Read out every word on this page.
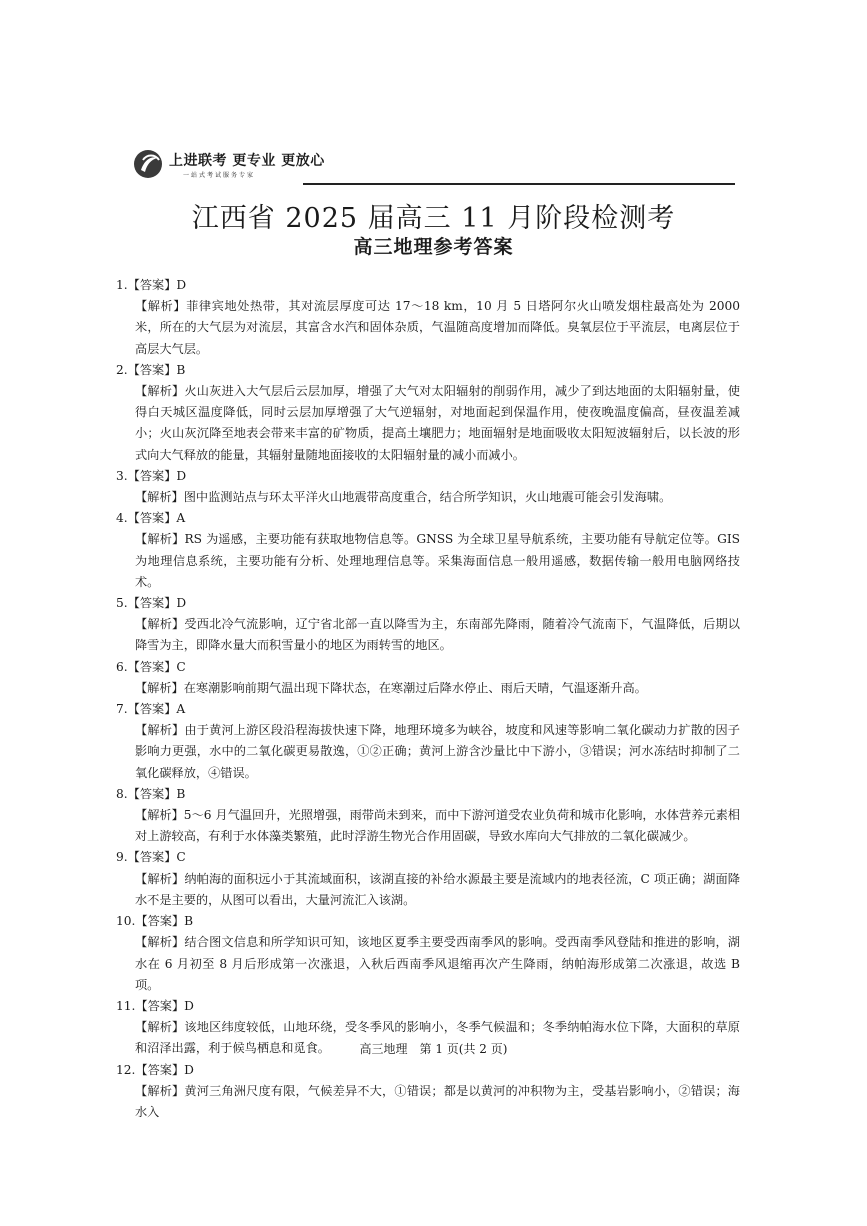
上进联考 更专业 更放心
一站式考试服务专家
江西省 2025 届高三 11 月阶段检测考
高三地理参考答案
1.【答案】D
【解析】菲律宾地处热带，其对流层厚度可达 17～18 km，10 月 5 日塔阿尔火山喷发烟柱最高处为 2000 米，所在的大气层为对流层，其富含水汽和固体杂质，气温随高度增加而降低。臭氧层位于平流层，电离层位于高层大气层。
2.【答案】B
【解析】火山灰进入大气层后云层加厚，增强了大气对太阳辐射的削弱作用，减少了到达地面的太阳辐射量，使得白天城区温度降低，同时云层加厚增强了大气逆辐射，对地面起到保温作用，使夜晚温度偏高，昼夜温差减小；火山灰沉降至地表会带来丰富的矿物质，提高土壤肥力；地面辐射是地面吸收太阳短波辐射后，以长波的形式向大气释放的能量，其辐射量随地面接收的太阳辐射量的减小而减小。
3.【答案】D
【解析】图中监测站点与环太平洋火山地震带高度重合，结合所学知识，火山地震可能会引发海啸。
4.【答案】A
【解析】RS 为遥感，主要功能有获取地物信息等。GNSS 为全球卫星导航系统，主要功能有导航定位等。GIS 为地理信息系统，主要功能有分析、处理地理信息等。采集海面信息一般用遥感，数据传输一般用电脑网络技术。
5.【答案】D
【解析】受西北冷气流影响，辽宁省北部一直以降雪为主，东南部先降雨，随着冷气流南下，气温降低，后期以降雪为主，即降水量大而积雪量小的地区为雨转雪的地区。
6.【答案】C
【解析】在寒潮影响前期气温出现下降状态，在寒潮过后降水停止、雨后天晴，气温逐渐升高。
7.【答案】A
【解析】由于黄河上游区段沿程海拔快速下降，地理环境多为峡谷，坡度和风速等影响二氧化碳动力扩散的因子影响力更强，水中的二氧化碳更易散逸，①②正确；黄河上游含沙量比中下游小，③错误；河水冻结时抑制了二氧化碳释放，④错误。
8.【答案】B
【解析】5～6 月气温回升，光照增强，雨带尚未到来，而中下游河道受农业负荷和城市化影响，水体营养元素相对上游较高，有利于水体藻类繁殖，此时浮游生物光合作用固碳，导致水库向大气排放的二氧化碳减少。
9.【答案】C
【解析】纳帕海的面积远小于其流域面积，该湖直接的补给水源最主要是流域内的地表径流，C 项正确；湖面降水不是主要的，从图可以看出，大量河流汇入该湖。
10.【答案】B
【解析】结合图文信息和所学知识可知，该地区夏季主要受西南季风的影响。受西南季风登陆和推进的影响，湖水在 6 月初至 8 月后形成第一次涨退，入秋后西南季风退缩再次产生降雨，纳帕海形成第二次涨退，故选 B 项。
11.【答案】D
【解析】该地区纬度较低，山地环绕，受冬季风的影响小，冬季气候温和；冬季纳帕海水位下降，大面积的草原和沼泽出露，利于候鸟栖息和觅食。
12.【答案】D
【解析】黄河三角洲尺度有限，气候差异不大，①错误；都是以黄河的冲积物为主，受基岩影响小，②错误；海水入
高三地理　第 1 页(共 2 页)
